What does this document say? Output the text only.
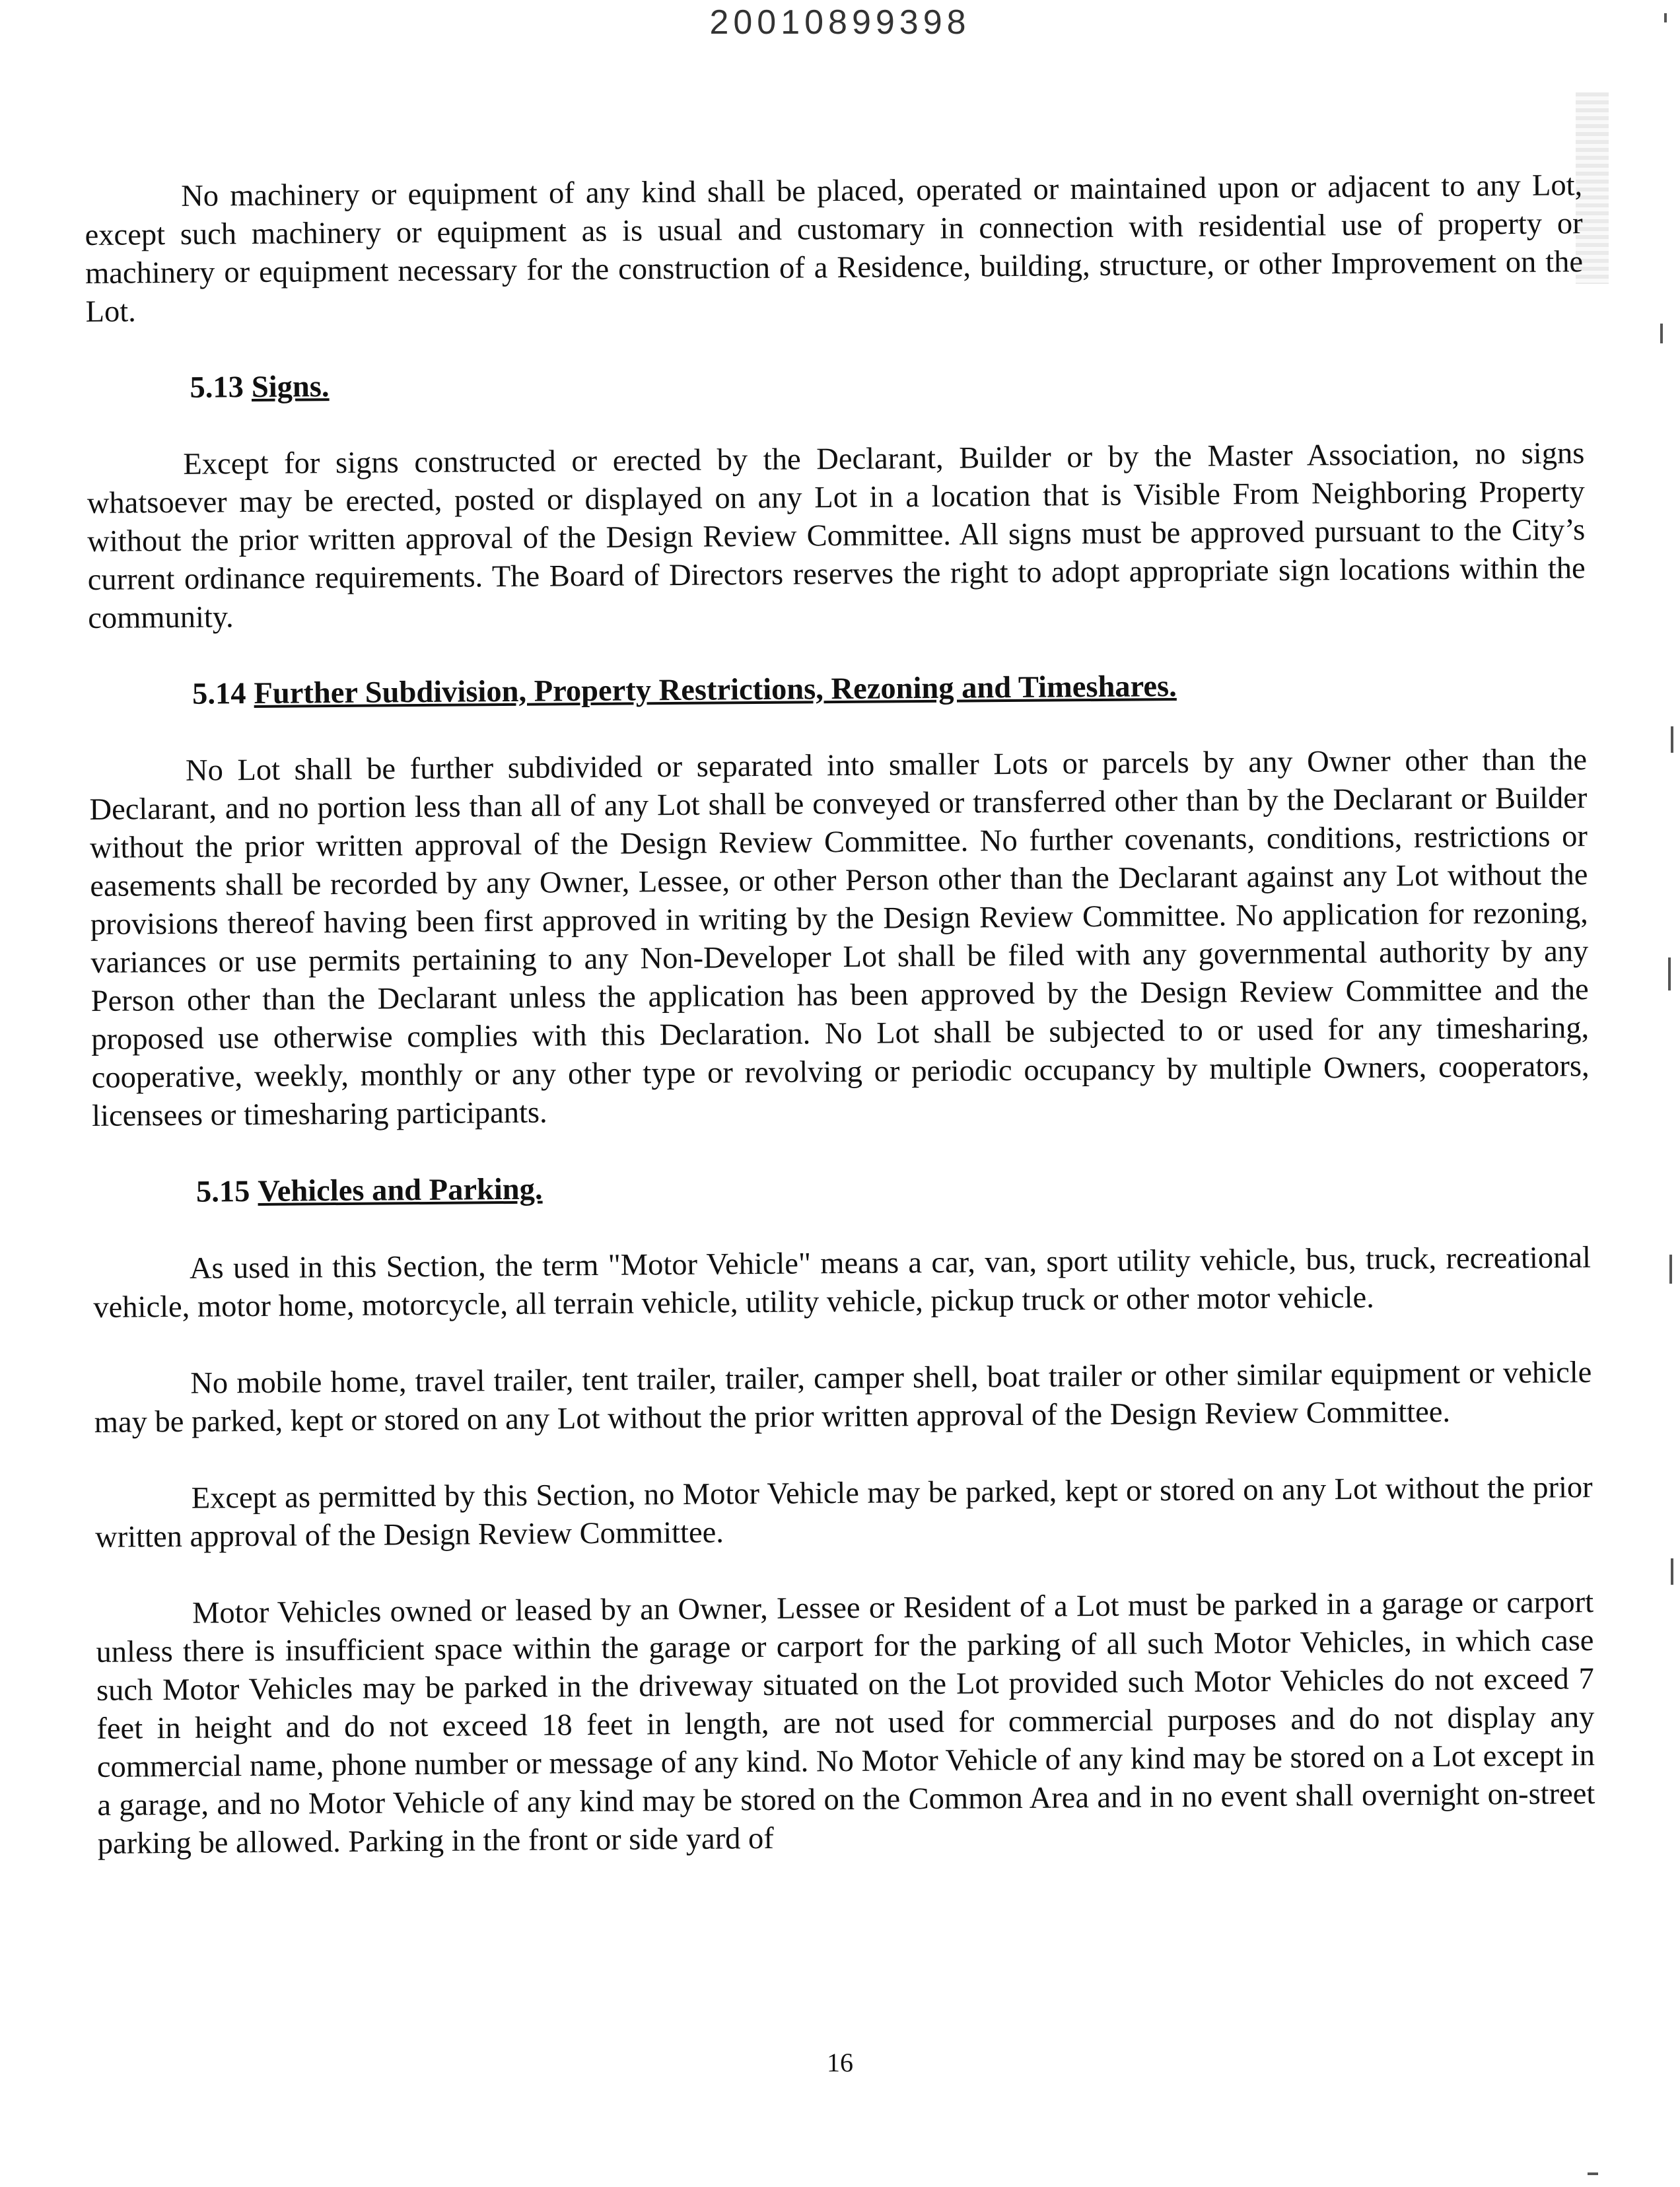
20010899398

No machinery or equipment of any kind shall be placed, operated or maintained upon or adjacent to any Lot, except such machinery or equipment as is usual and customary in connection with residential use of property or machinery or equipment necessary for the construction of a Residence, building, structure, or other Improvement on the Lot.

5.13 Signs.

Except for signs constructed or erected by the Declarant, Builder or by the Master Association, no signs whatsoever may be erected, posted or displayed on any Lot in a location that is Visible From Neighboring Property without the prior written approval of the Design Review Committee. All signs must be approved pursuant to the City’s current ordinance requirements. The Board of Directors reserves the right to adopt appropriate sign locations within the community.

5.14 Further Subdivision, Property Restrictions, Rezoning and Timeshares.

No Lot shall be further subdivided or separated into smaller Lots or parcels by any Owner other than the Declarant, and no portion less than all of any Lot shall be conveyed or transferred other than by the Declarant or Builder without the prior written approval of the Design Review Committee. No further covenants, conditions, restrictions or easements shall be recorded by any Owner, Lessee, or other Person other than the Declarant against any Lot without the provisions thereof having been first approved in writing by the Design Review Committee. No application for rezoning, variances or use permits pertaining to any Non-Developer Lot shall be filed with any governmental authority by any Person other than the Declarant unless the application has been approved by the Design Review Committee and the proposed use otherwise complies with this Declaration. No Lot shall be subjected to or used for any timesharing, cooperative, weekly, monthly or any other type or revolving or periodic occupancy by multiple Owners, cooperators, licensees or timesharing participants.

5.15 Vehicles and Parking.

As used in this Section, the term "Motor Vehicle" means a car, van, sport utility vehicle, bus, truck, recreational vehicle, motor home, motorcycle, all terrain vehicle, utility vehicle, pickup truck or other motor vehicle.

No mobile home, travel trailer, tent trailer, trailer, camper shell, boat trailer or other similar equipment or vehicle may be parked, kept or stored on any Lot without the prior written approval of the Design Review Committee.

Except as permitted by this Section, no Motor Vehicle may be parked, kept or stored on any Lot without the prior written approval of the Design Review Committee.

Motor Vehicles owned or leased by an Owner, Lessee or Resident of a Lot must be parked in a garage or carport unless there is insufficient space within the garage or carport for the parking of all such Motor Vehicles, in which case such Motor Vehicles may be parked in the driveway situated on the Lot provided such Motor Vehicles do not exceed 7 feet in height and do not exceed 18 feet in length, are not used for commercial purposes and do not display any commercial name, phone number or message of any kind. No Motor Vehicle of any kind may be stored on a Lot except in a garage, and no Motor Vehicle of any kind may be stored on the Common Area and in no event shall overnight on-street parking be allowed. Parking in the front or side yard of

16
